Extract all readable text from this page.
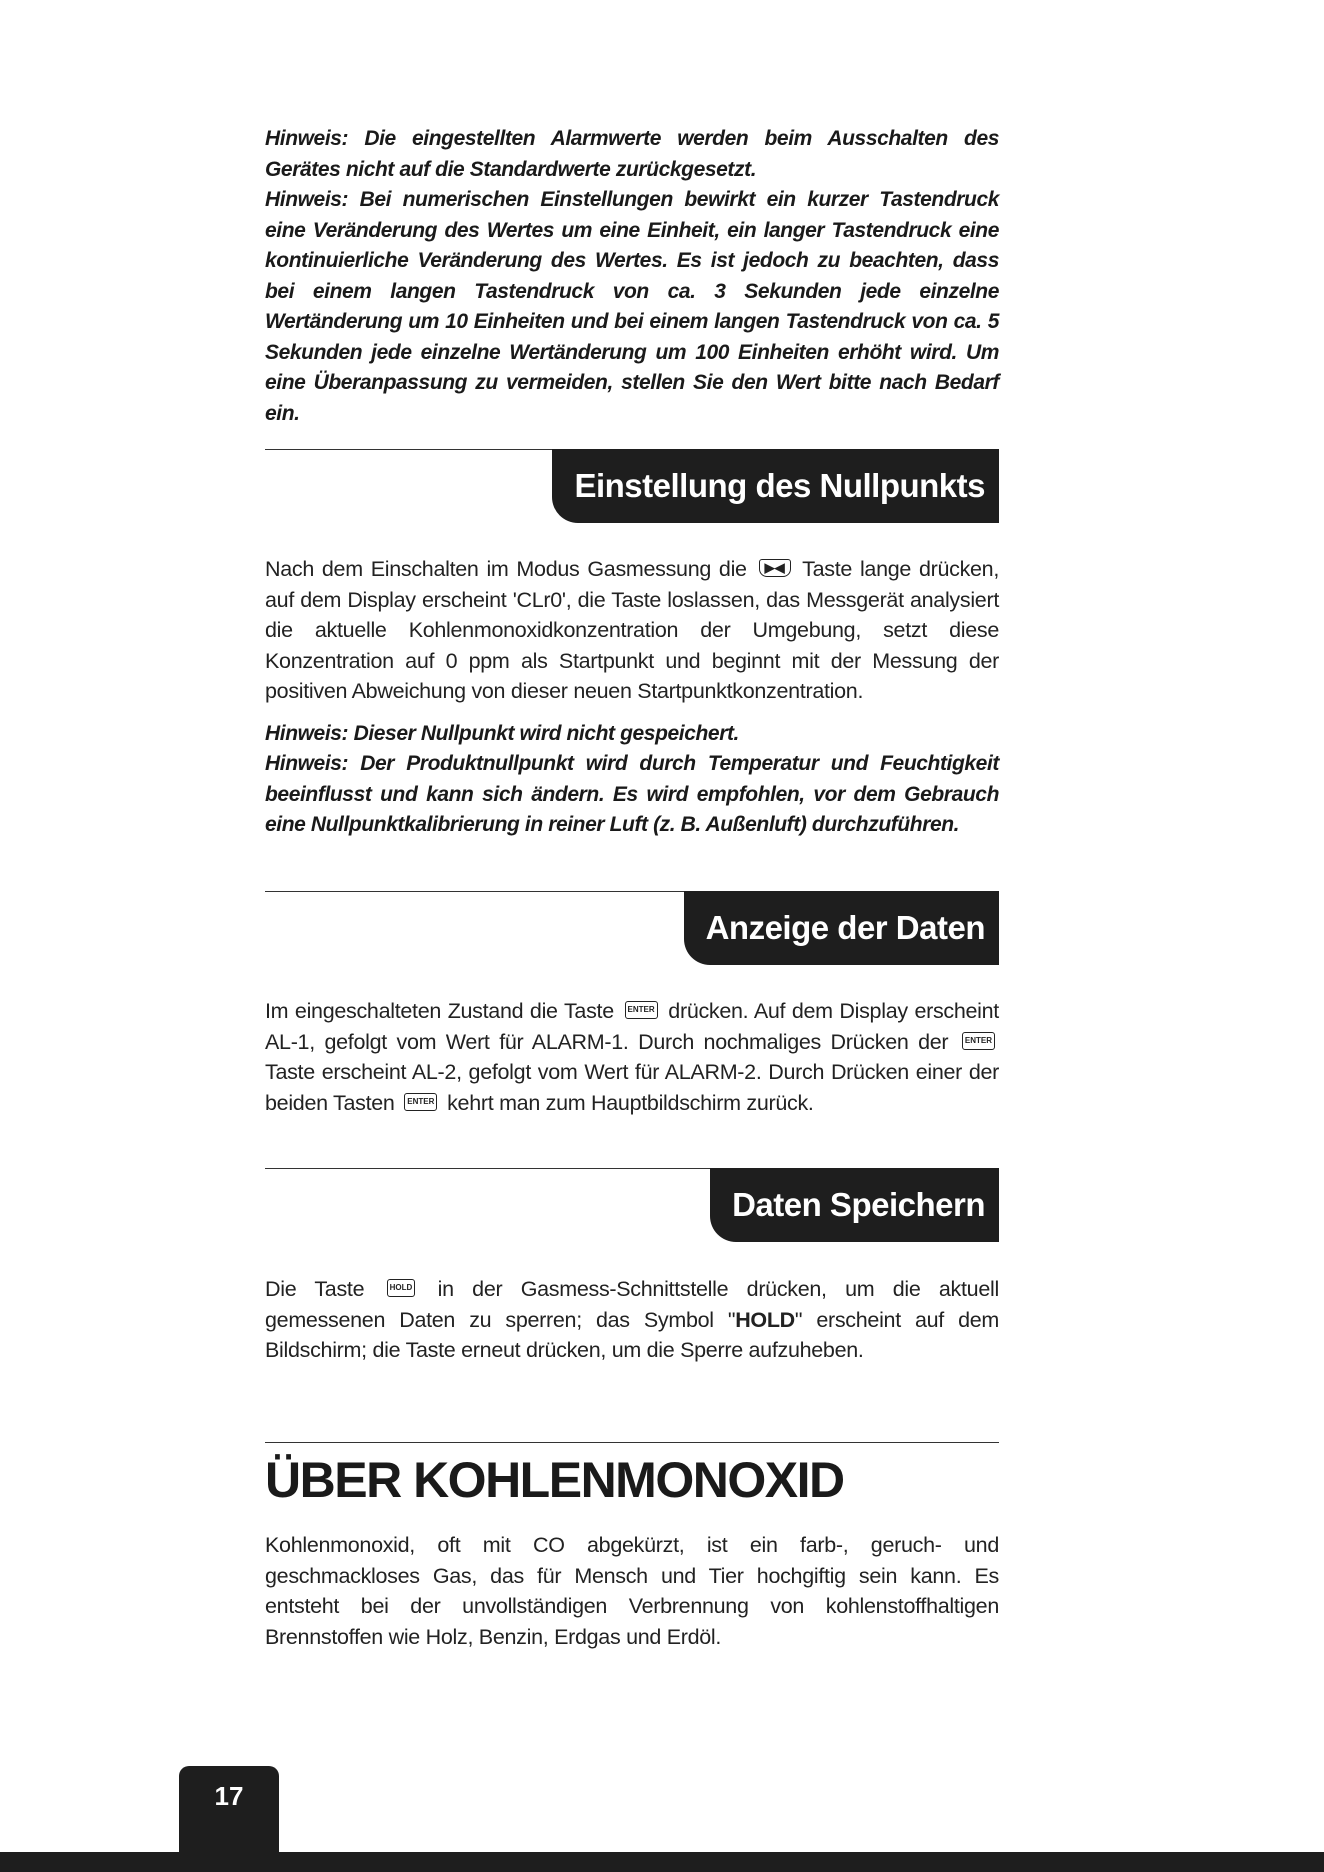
Hinweis: Die eingestellten Alarmwerte werden beim Ausschalten des Gerätes nicht auf die Standardwerte zurückgesetzt.

Hinweis: Bei numerischen Einstellungen bewirkt ein kurzer Tastendruck eine Veränderung des Wertes um eine Einheit, ein langer Tastendruck eine kontinuierliche Veränderung des Wertes. Es ist jedoch zu beachten, dass bei einem langen Tastendruck von ca. 3 Sekunden jede einzelne Wertänderung um 10 Einheiten und bei einem langen Tastendruck von ca. 5 Sekunden jede einzelne Wertänderung um 100 Einheiten erhöht wird. Um eine Überanpassung zu vermeiden, stellen Sie den Wert bitte nach Bedarf ein.

Einstellung des Nullpunkts

Nach dem Einschalten im Modus Gasmessung die ▶◀ Taste lange drücken, auf dem Display erscheint 'CLr0', die Taste loslassen, das Messgerät analysiert die aktuelle Kohlenmonoxidkonzentration der Umgebung, setzt diese Konzentration auf 0 ppm als Startpunkt und beginnt mit der Messung der positiven Abweichung von dieser neuen Startpunktkonzentration.

Hinweis: Dieser Nullpunkt wird nicht gespeichert.

Hinweis: Der Produktnullpunkt wird durch Temperatur und Feuchtigkeit beeinflusst und kann sich ändern. Es wird empfohlen, vor dem Gebrauch eine Nullpunktkalibrierung in reiner Luft (z. B. Außenluft) durchzuführen.

Anzeige der Daten

Im eingeschalteten Zustand die Taste ENTER drücken. Auf dem Display erscheint AL-1, gefolgt vom Wert für ALARM-1. Durch nochmaliges Drücken der ENTER Taste erscheint AL-2, gefolgt vom Wert für ALARM-2. Durch Drücken einer der beiden Tasten ENTER kehrt man zum Hauptbildschirm zurück.

Daten Speichern

Die Taste	HOLD in der Gasmess-Schnittstelle drücken, um die aktuell gemessenen Daten zu sperren; das Symbol "HOLD" erscheint auf dem Bildschirm; die Taste erneut drücken, um die Sperre aufzuheben.

ÜBER KOHLENMONOXID

Kohlenmonoxid, oft mit CO abgekürzt, ist ein farb-, geruch- und geschmackloses Gas, das für Mensch und Tier hochgiftig sein kann. Es entsteht bei der unvollständigen Verbrennung von kohlenstoffhaltigen Brennstoffen wie Holz, Benzin, Erdgas und Erdöl.

17
